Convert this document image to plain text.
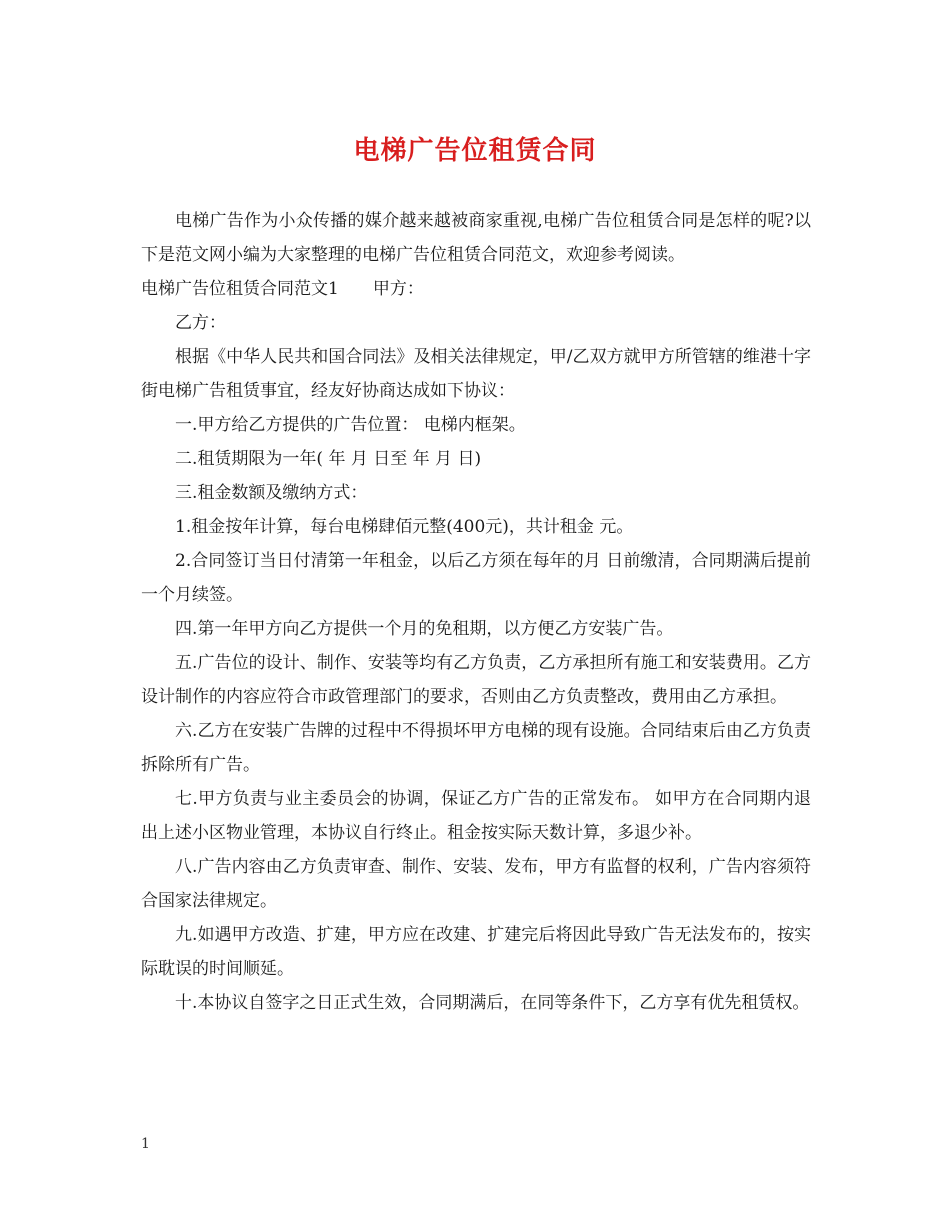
电梯广告位租赁合同

电梯广告作为小众传播的媒介越来越被商家重视,电梯广告位租赁合同是怎样的呢?以下是范文网小编为大家整理的电梯广告位租赁合同范文，欢迎参考阅读。

电梯广告位租赁合同范文1 甲方：

乙方：

根据《中华人民共和国合同法》及相关法律规定，甲/乙双方就甲方所管辖的维港十字街电梯广告租赁事宜，经友好协商达成如下协议：

一.甲方给乙方提供的广告位置： 电梯内框架。

二.租赁期限为一年( 年 月 日至 年 月 日)

三.租金数额及缴纳方式：

1.租金按年计算，每台电梯肆佰元整(400元)，共计租金 元。

2.合同签订当日付清第一年租金，以后乙方须在每年的月 日前缴清，合同期满后提前一个月续签。

四.第一年甲方向乙方提供一个月的免租期，以方便乙方安装广告。

五.广告位的设计、制作、安装等均有乙方负责，乙方承担所有施工和安装费用。乙方设计制作的内容应符合市政管理部门的要求，否则由乙方负责整改，费用由乙方承担。

六.乙方在安装广告牌的过程中不得损坏甲方电梯的现有设施。合同结束后由乙方负责拆除所有广告。

七.甲方负责与业主委员会的协调，保证乙方广告的正常发布。 如甲方在合同期内退出上述小区物业管理，本协议自行终止。租金按实际天数计算，多退少补。

八.广告内容由乙方负责审查、制作、安装、发布，甲方有监督的权利，广告内容须符合国家法律规定。

九.如遇甲方改造、扩建，甲方应在改建、扩建完后将因此导致广告无法发布的，按实际耽误的时间顺延。

十.本协议自签字之日正式生效，合同期满后，在同等条件下，乙方享有优先租赁权。

1
